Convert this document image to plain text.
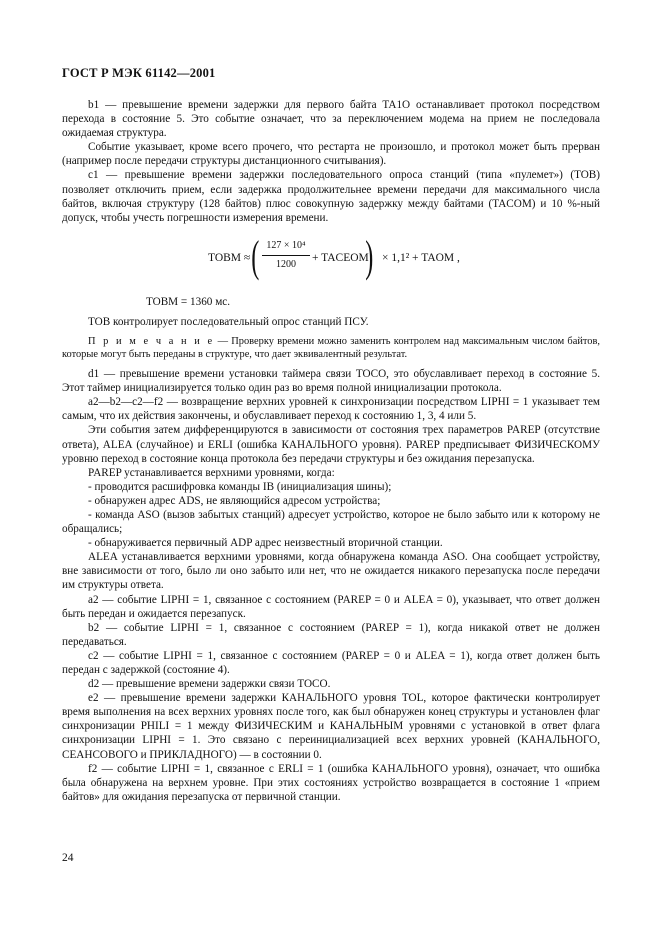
ГОСТ Р МЭК 61142—2001

b1 — превышение времени задержки для первого байта TA1O останавливает протокол посредством перехода в состояние 5. Это событие означает, что за переключением модема на прием не последовала ожидаемая структура.

Событие указывает, кроме всего прочего, что рестарта не произошло, и протокол может быть прерван (например после передачи структуры дистанционного считывания).

c1 — превышение времени задержки последовательного опроса станций (типа «пулемет») (TOB) позволяет отключить прием, если задержка продолжительнее времени передачи для максимального числа байтов, включая структуру (128 байтов) плюс совокупную задержку между байтами (TACOM) и 10 %-ный допуск, чтобы учесть погрешности измерения времени.

TOBM ≈ ( $\frac{\text{127 × 10⁴}}{1200}$ + TACEOM
) × 1,1² + TAOM ,

TOBM = 1360 мс.

TOB контролирует последовательный опрос станций ПСУ.

П р и м е ч а н и е — Проверку времени можно заменить контролем над максимальным числом байтов, которые могут быть переданы в структуре, что дает эквивалентный результат.

d1 — превышение времени установки таймера связи TOCO, это обуславливает переход в состояние 5. Этот таймер инициализируется только один раз во время полной инициализации протокола.

a2—b2—c2—f2 — возвращение верхних уровней к синхронизации посредством LIPHI = 1 указывает тем самым, что их действия закончены, и обуславливает переход к состоянию 1, 3, 4 или 5.

Эти события затем дифференцируются в зависимости от состояния трех параметров PAREP (отсутствие ответа), ALEA (случайное) и ERLI (ошибка КАНАЛЬНОГО уровня). PAREP предписывает ФИЗИЧЕСКОМУ уровню переход в состояние конца протокола без передачи структуры и без ожидания перезапуска.

PAREP устанавливается верхними уровнями, когда:

- проводится расшифровка команды IB (инициализация шины);

- обнаружен адрес ADS, не являющийся адресом устройства;

- команда ASO (вызов забытых станций) адресует устройство, которое не было забыто или к которому не обращались;

- обнаруживается первичный ADP адрес неизвестный вторичной станции.

ALEA устанавливается верхними уровнями, когда обнаружена команда ASO. Она сообщает устройству, вне зависимости от того, было ли оно забыто или нет, что не ожидается никакого перезапуска после передачи им структуры ответа.

a2 — событие LIPHI = 1, связанное с состоянием (PAREP = 0 и ALEA = 0), указывает, что ответ должен быть передан и ожидается перезапуск.

b2 — событие LIPHI = 1, связанное с состоянием (PAREP = 1), когда никакой ответ не должен передаваться.

c2 — событие LIPHI = 1, связанное с состоянием (PAREP = 0 и ALEA = 1), когда ответ должен быть передан с задержкой (состояние 4).

d2 — превышение времени задержки связи TOCO.

e2 — превышение времени задержки КАНАЛЬНОГО уровня TOL, которое фактически контролирует время выполнения на всех верхних уровнях после того, как был обнаружен конец структуры и установлен флаг синхронизации PHILI = 1 между ФИЗИЧЕСКИМ и КАНАЛЬНЫМ уровнями с установкой в ответ флага синхронизации LIPHI = 1. Это связано с переинициализацией всех верхних уровней (КАНАЛЬНОГО, СЕАНСОВОГО и ПРИКЛАДНОГО) — в состоянии 0.

f2 — событие LIPHI = 1, связанное с ERLI = 1 (ошибка КАНАЛЬНОГО уровня), означает, что ошибка была обнаружена на верхнем уровне. При этих состояниях устройство возвращается в состояние 1 «прием байтов» для ожидания перезапуска от первичной станции.

24
